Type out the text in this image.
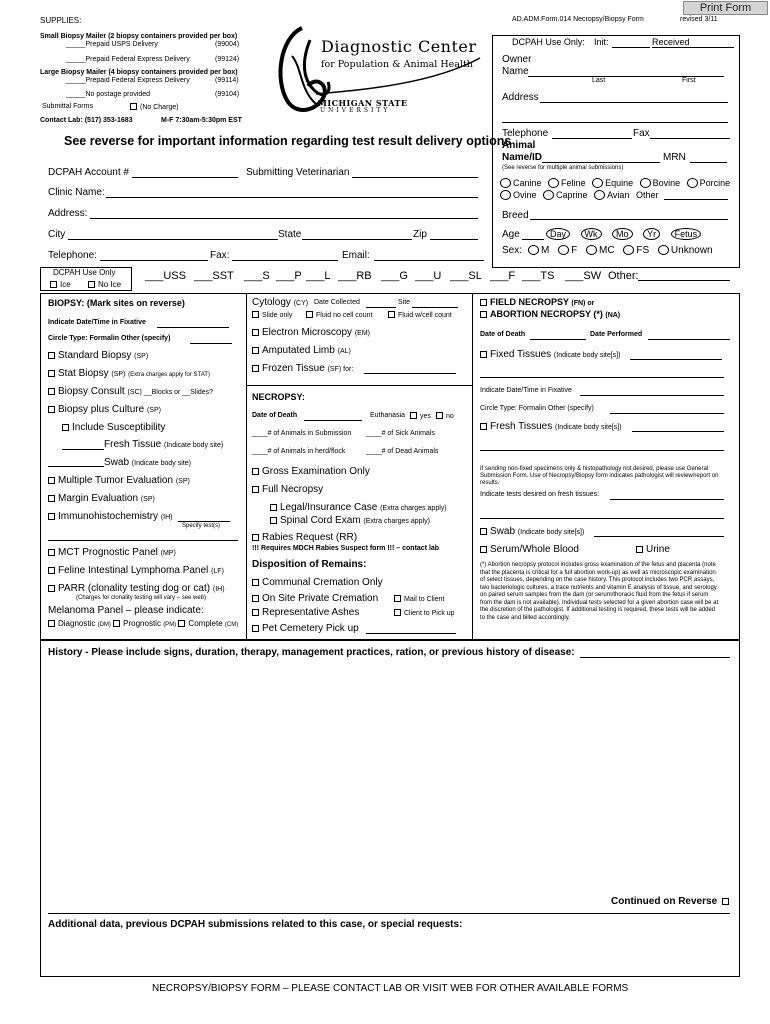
Print Form
SUPPLIES:
Small Biopsy Mailer (2 biopsy containers provided per box)
_____Prepaid USPS Delivery	(99004)
_____Prepaid Federal Express Delivery	(99124)
Large Biopsy Mailer (4 biopsy containers provided per box)
_____Prepaid Federal Express Delivery	(99114)
_____No postage provided	(99104)
Submittal Forms	(No Charge)
Contact Lab: (517) 353-1683	M-F 7:30am-5:30pm EST
Diagnostic Center
for Population & Animal Health
MICHIGAN STATE
UNIVERSITY
AD.ADM.Form.014 Necropsy/Biopsy Form	revised 3/11
See reverse for important information regarding test result delivery options
DCPAH Use Only: Init:	Received
Owner
Name
Last	First
Address
Telephone	Fax
Animal
Name/ID	MRN
(See reverse for multiple animal submissions)
Canine Feline Equine Bovine Porcine
Ovine Caprine Avian Other
Breed
Age	Day Wk Mo Yr Fetus
Sex:	M F MC FS Unknown
DCPAH Account #	Submitting Veterinarian
Clinic Name:
Address:
City	State	Zip
Telephone:	Fax:	Email:
DCPAH Use Only
Ice	No Ice
___USS ___SST ___S ___P ___L ___RB ___G ___U ___SL ___F ___TS ___SW Other:
BIOPSY: (Mark sites on reverse)
Indicate Date/Time in Fixative
Circle Type: Formalin Other (specify)
Standard Biopsy (SP)
Stat Biopsy (SP) (Extra charges apply for STAT)
Biopsy Consult (SC) __Blocks or __Slides?
Biopsy plus Culture (SP)
Include Susceptibility
Fresh Tissue (Indicate body site)
Swab (Indicate body site)
Multiple Tumor Evaluation (SP)
Margin Evaluation (SP)
Immunohistochemistry (IH)
Specify test(s)
MCT Prognostic Panel (MP)
Feline Intestinal Lymphoma Panel (LF)
PARR (clonality testing dog or cat) (IH)
(Charges for clonality testing will vary – see web)
Melanoma Panel – please indicate:
Diagnostic (DM) Prognostic (PM) Complete (CM)
Cytology (CY) Date Collected	Site
Slide only	Fluid no cell count	Fluid w/cell count
Electron Microscopy (EM)
Amputated Limb (AL)
Frozen Tissue (SF) for:
NECROPSY:
Date of Death	Euthanasia	yes	no
____# of Animals in Submission ____# of Sick Animals
____# of Animals in herd/flock	____# of Dead Animals
Gross Examination Only
Full Necropsy
Legal/Insurance Case (Extra charges apply)
Spinal Cord Exam (Extra charges apply)
Rabies Request (RR)
!!! Requires MDCH Rabies Suspect form !!! – contact lab
Disposition of Remains:
Communal Cremation Only
On Site Private Cremation	Mail to Client
Representative Ashes	Client to Pick up
Pet Cemetery Pick up
FIELD NECROPSY (FN) or
ABORTION NECROPSY (*) (NA)
Date of Death	Date Performed
Fixed Tissues (Indicate body site[s])
Indicate Date/Time in Fixative
Circle Type: Formalin Other (specify)
Fresh Tissues (Indicate body site[s])
If sending non-fixed specimens only & histopathology not desired, please use General
Submission Form. Use of Necropsy/Biopsy form indicates pathologist will review/report on
results.
Indicate tests desired on fresh tissues:
Swab (Indicate body site[s])
Serum/Whole Blood	Urine
(*) Abortion necropsy protocol includes gross examination of the fetus and placenta (note
that the placenta is critical for a full abortion work-up) as well as microscopic examination
of select tissues, depending on the case history. This protocol includes two PCR assays,
two bacteriologic cultures, a trace nutrients and vitamin E analysis of tissue, and serology
on paired serum samples from the dam (or serum/thoracic fluid from the fetus if serum
from the dam is not available). Individual tests selected for a given abortion case will be at
the discretion of the pathologist. If additional testing is required, these tests will be added
to the case and billed accordingly.
History - Please include signs, duration, therapy, management practices, ration, or previous history of disease:
Continued on Reverse
Additional data, previous DCPAH submissions related to this case, or special requests:
NECROPSY/BIOPSY FORM – PLEASE CONTACT LAB OR VISIT WEB FOR OTHER AVAILABLE FORMS
